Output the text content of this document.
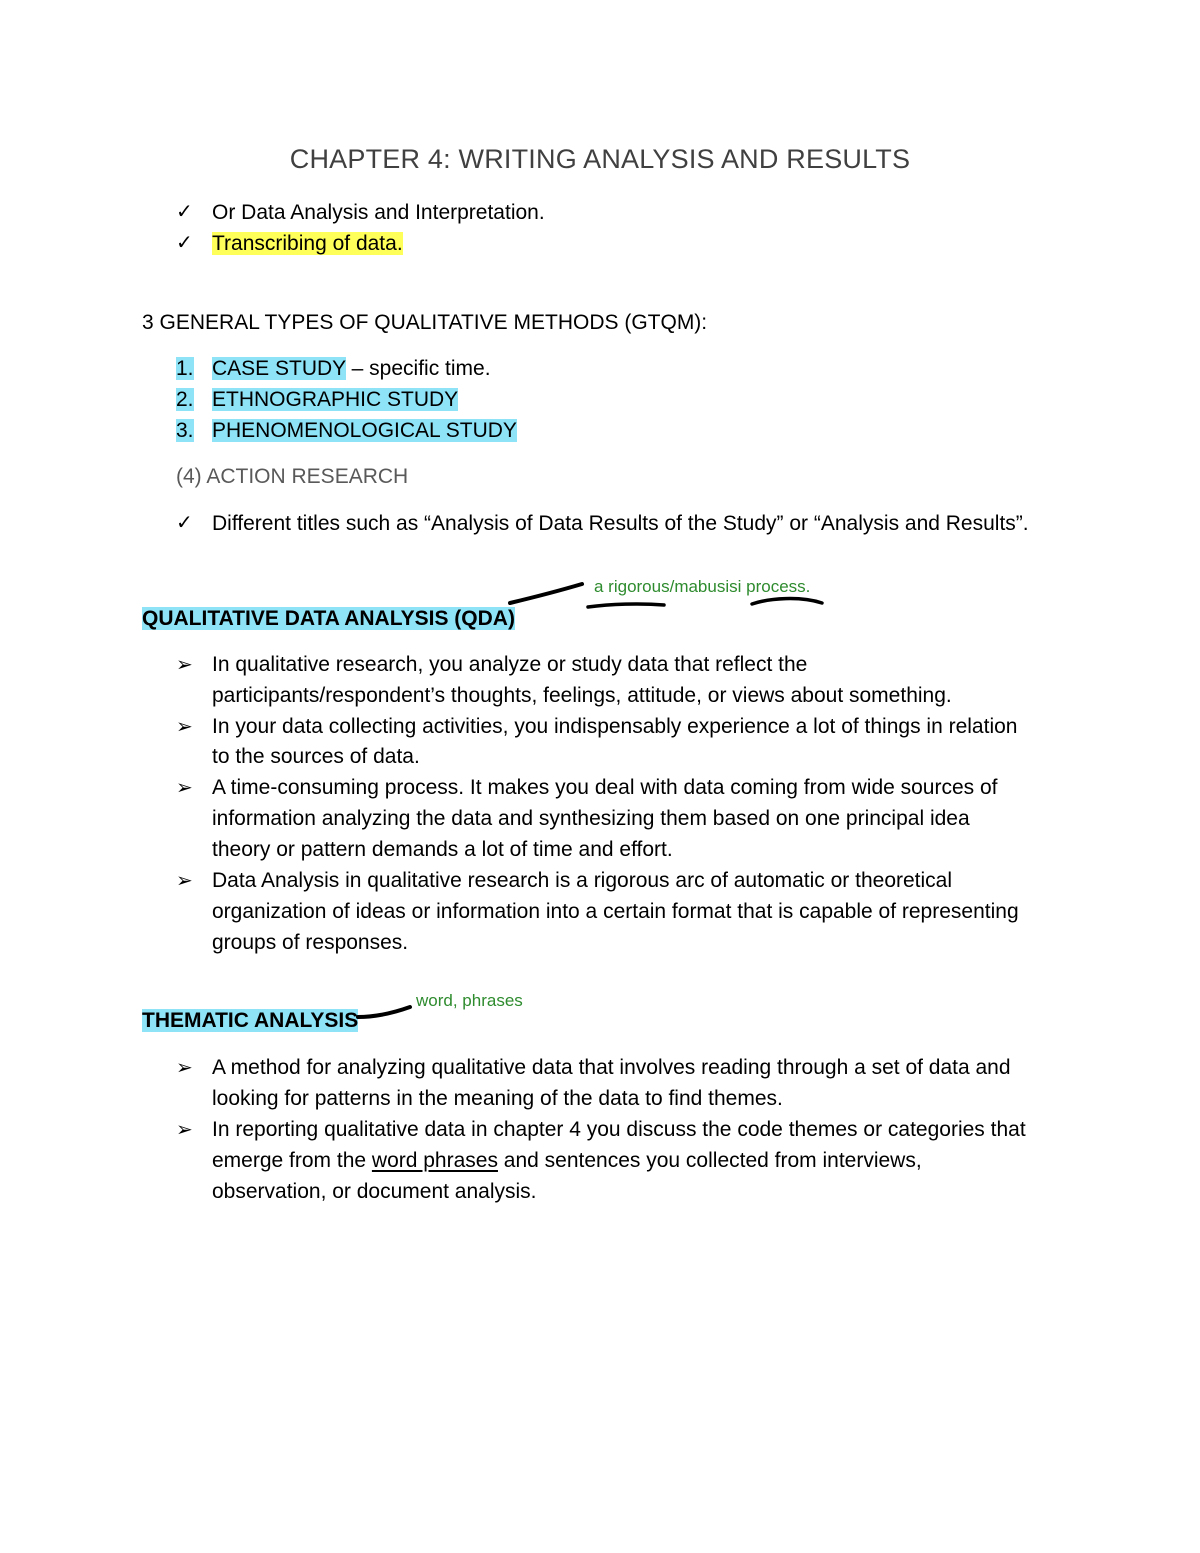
CHAPTER 4: WRITING ANALYSIS AND RESULTS
✓ Or Data Analysis and Interpretation.
✓ Transcribing of data.
3 GENERAL TYPES OF QUALITATIVE METHODS (GTQM):
1. CASE STUDY – specific time.
2. ETHNOGRAPHIC STUDY
3. PHENOMENOLOGICAL STUDY
(4) ACTION RESEARCH
✓ Different titles such as “Analysis of Data Results of the Study” or “Analysis and Results”.
a rigorous/mabusisi process.
QUALITATIVE DATA ANALYSIS (QDA)
➢ In qualitative research, you analyze or study data that reflect the
participants/respondent’s thoughts, feelings, attitude, or views about something.
➢ In your data collecting activities, you indispensably experience a lot of things in relation
to the sources of data.
➢ A time-consuming process. It makes you deal with data coming from wide sources of
information analyzing the data and synthesizing them based on one principal idea
theory or pattern demands a lot of time and effort.
➢ Data Analysis in qualitative research is a rigorous arc of automatic or theoretical
organization of ideas or information into a certain format that is capable of representing
groups of responses.
word, phrases
THEMATIC ANALYSIS
➢ A method for analyzing qualitative data that involves reading through a set of data and
looking for patterns in the meaning of the data to find themes.
➢ In reporting qualitative data in chapter 4 you discuss the code themes or categories that
emerge from the word phrases and sentences you collected from interviews,
observation, or document analysis.
